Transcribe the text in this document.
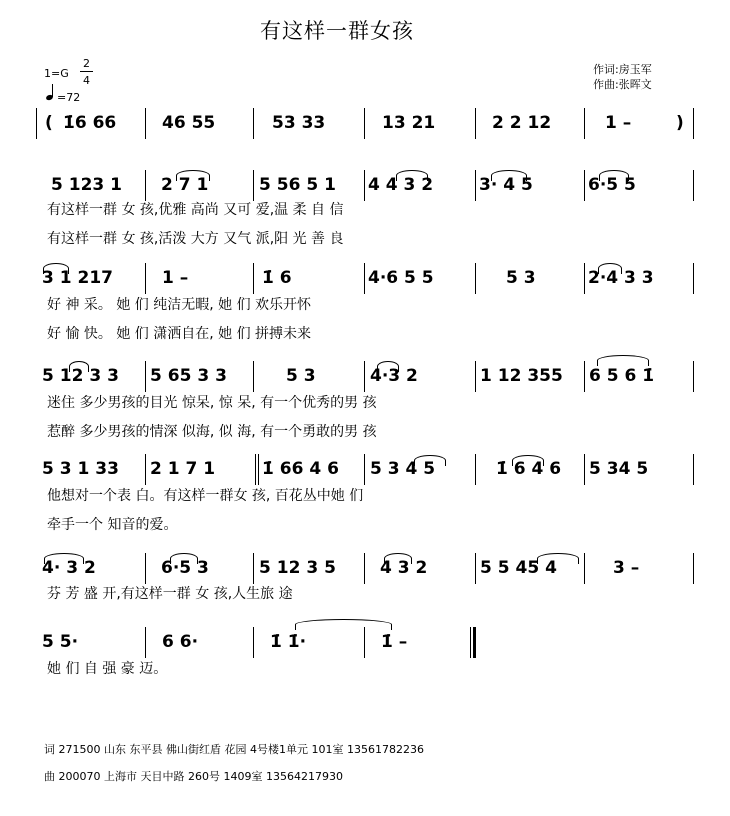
有这样一群女孩
1=G
2
4
=72
作词:房玉军
作曲:张晖文
( 1̇6 66	46 55	53 33	13 21	2 2 12	1 –	)
5 123 1 2 7 1	5 56 5 1 4 4 3 2	3· 4 5	6·5 5
有这样一群 女 孩,优雅 高尚 又可 爱,温 柔 自 信
有这样一群 女 孩,活泼 大方 又气 派,阳 光 善 良
3 1 217	1 –	1̇ 6	4·6 5 5	5 3	2·4 3 3
好 神 采。 她 们 纯洁无暇, 她 们 欢乐开怀
好 愉 快。 她 们 潇洒自在, 她 们 拼搏未来
5 12 3 3 5 65 3 3	5 3	4·3 2	1 12 355 6 5 6 1̇
迷住 多少男孩的目光 惊呆, 惊 呆, 有一个优秀的男 孩
惹醉 多少男孩的情深 似海, 似 海, 有一个勇敢的男 孩
5 3 1 33 2 1 7 1	1̇ 66 4 6 5 3 4 5	1̇ 6 4 6 5 34 5
他想对一个表 白。有这样一群女 孩, 百花丛中她 们
牵手一个 知音的爱。
4· 3 2	6·5 3	5 12 3 5	4 3 2	5 5 45 4	3 –
芬 芳 盛 开,有这样一群 女 孩,人生旅 途
5 5·	6 6·	1̇ 1̇·	1̇ –
她 们 自 强 豪 迈。
词 271500 山东 东平县 佛山街红盾 花园 4号楼1单元 101室 13561782236
曲 200070 上海市 天目中路 260号 1409室 13564217930
